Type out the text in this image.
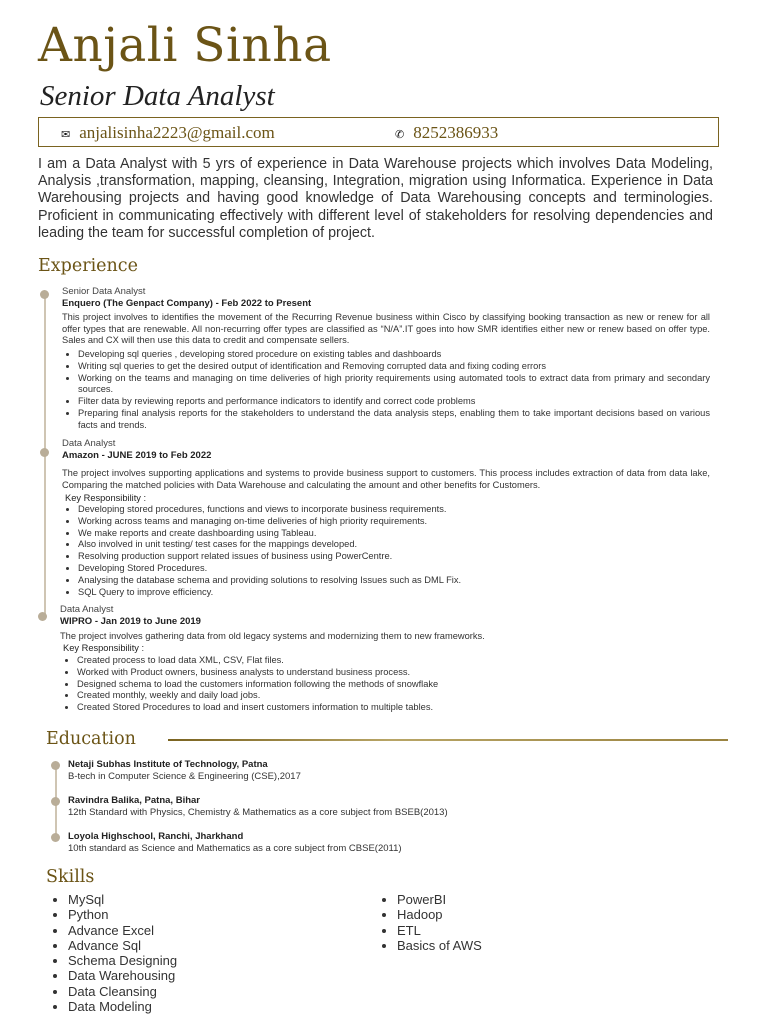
Anjali Sinha
Senior Data Analyst
✉ anjalisinha2223@gmail.com	✆ 8252386933
I am a Data Analyst with 5 yrs of experience in Data Warehouse projects which involves Data Modeling, Analysis ,transformation, mapping, cleansing, Integration, migration using Informatica. Experience in Data Warehousing projects and having good knowledge of Data Warehousing concepts and terminologies. Proficient in communicating effectively with different level of stakeholders for resolving dependencies and leading the team for successful completion of project.
Experience
Senior Data Analyst
Enquero (The Genpact Company) - Feb 2022 to Present
This project involves to identifies the movement of the Recurring Revenue business within Cisco by classifying booking transaction as new or renew for all offer types that are renewable. All non-recurring offer types are classified as “N/A”.IT goes into how SMR identifies either new or renew based on offer type. Sales and CX will then use this data to credit and compensate sellers.
• Developing sql queries , developing stored procedure on existing tables and dashboards
• Writing sql queries to get the desired output of identification and Removing corrupted data and fixing coding errors
• Working on the teams and managing on time deliveries of high priority requirements using automated tools to extract data from primary and secondary sources.
• Filter data by reviewing reports and performance indicators to identify and correct code problems
• Preparing final analysis reports for the stakeholders to understand the data analysis steps, enabling them to take important decisions based on various facts and trends.
Data Analyst
Amazon - JUNE 2019 to Feb 2022
The project involves supporting applications and systems to provide business support to customers. This process includes extraction of data from data lake, Comparing the matched policies with Data Warehouse and calculating the amount and other benefits for Customers.
Key Responsibility :
• Developing stored procedures, functions and views to incorporate business requirements.
• Working across teams and managing on-time deliveries of high priority requirements.
• We make reports and create dashboarding using Tableau.
• Also involved in unit testing/ test cases for the mappings developed.
• Resolving production support related issues of business using PowerCentre.
• Developing Stored Procedures.
• Analysing the database schema and providing solutions to resolving Issues such as DML Fix.
• SQL Query to improve efficiency.
Data Analyst
WIPRO - Jan 2019 to June 2019
The project involves gathering data from old legacy systems and modernizing them to new frameworks.
Key Responsibility :
• Created process to load data XML, CSV, Flat files.
• Worked with Product owners, business analysts to understand business process.
• Designed schema to load the customers information following the methods of snowflake
• Created monthly, weekly and daily load jobs.
• Created Stored Procedures to load and insert customers information to multiple tables.
Education
Netaji Subhas Institute of Technology, Patna
B-tech in Computer Science & Engineering (CSE),2017
Ravindra Balika, Patna, Bihar
12th Standard with Physics, Chemistry & Mathematics as a core subject from BSEB(2013)
Loyola Highschool, Ranchi, Jharkhand
10th standard as Science and Mathematics as a core subject from CBSE(2011)
Skills
• MySql
• Python
• Advance Excel
• Advance Sql
• Schema Designing
• Data Warehousing
• Data Cleansing
• Data Modeling
• PowerBI
• Hadoop
• ETL
• Basics of AWS
